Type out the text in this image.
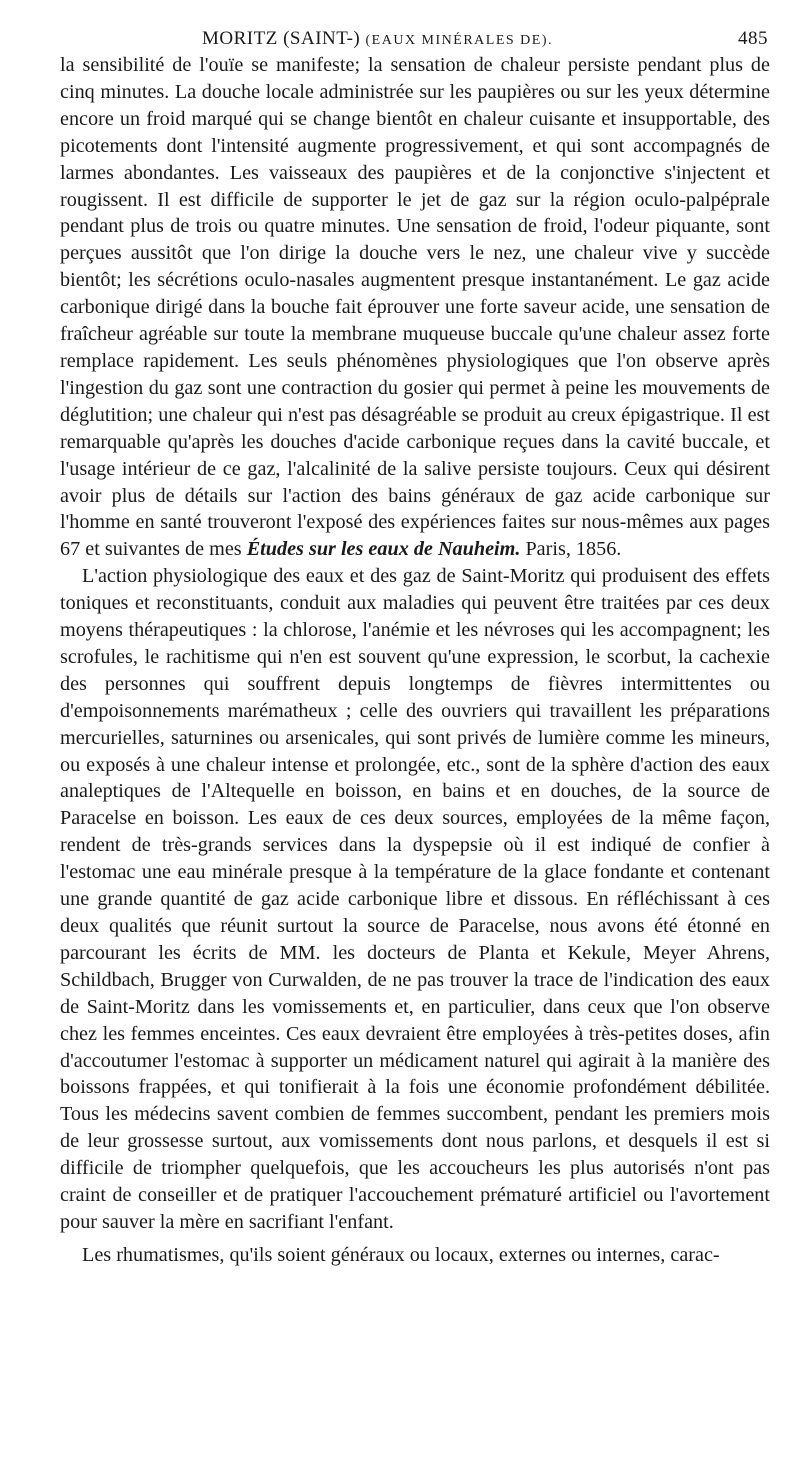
MORITZ (SAINT-) (EAUX MINÉRALES DE).	485

la sensibilité de l'ouïe se manifeste; la sensation de chaleur persiste pendant plus de cinq minutes. La douche locale administrée sur les paupières ou sur les yeux détermine encore un froid marqué qui se change bientôt en chaleur cuisante et insupportable, des picotements dont l'intensité augmente progressivement, et qui sont accompagnés de larmes abondantes. Les vaisseaux des paupières et de la conjonctive s'injectent et rougissent. Il est difficile de supporter le jet de gaz sur la région oculo-palpéprale pendant plus de trois ou quatre minutes. Une sensation de froid, l'odeur piquante, sont perçues aussitôt que l'on dirige la douche vers le nez, une chaleur vive y succède bientôt; les sécrétions oculo-nasales augmentent presque instantanément. Le gaz acide carbonique dirigé dans la bouche fait éprouver une forte saveur acide, une sensation de fraîcheur agréable sur toute la membrane muqueuse buccale qu'une chaleur assez forte remplace rapidement. Les seuls phénomènes physiologiques que l'on observe après l'ingestion du gaz sont une contraction du gosier qui permet à peine les mouvements de déglutition; une chaleur qui n'est pas désagréable se produit au creux épigastrique. Il est remarquable qu'après les douches d'acide carbonique reçues dans la cavité buccale, et l'usage intérieur de ce gaz, l'alcalinité de la salive persiste toujours. Ceux qui désirent avoir plus de détails sur l'action des bains généraux de gaz acide carbonique sur l'homme en santé trouveront l'exposé des expériences faites sur nous-mêmes aux pages 67 et suivantes de mes Études sur les eaux de Nauheim. Paris, 1856.

L'action physiologique des eaux et des gaz de Saint-Moritz qui produisent des effets toniques et reconstituants, conduit aux maladies qui peuvent être traitées par ces deux moyens thérapeutiques : la chlorose, l'anémie et les névroses qui les accompagnent; les scrofules, le rachitisme qui n'en est souvent qu'une expression, le scorbut, la cachexie des personnes qui souffrent depuis longtemps de fièvres intermittentes ou d'empoisonnements marématheux ; celle des ouvriers qui travaillent les préparations mercurielles, saturnines ou arsenicales, qui sont privés de lumière comme les mineurs, ou exposés à une chaleur intense et prolongée, etc., sont de la sphère d'action des eaux analeptiques de l'Altequelle en boisson, en bains et en douches, de la source de Paracelse en boisson. Les eaux de ces deux sources, employées de la même façon, rendent de très-grands services dans la dyspepsie où il est indiqué de confier à l'estomac une eau minérale presque à la température de la glace fondante et contenant une grande quantité de gaz acide carbonique libre et dissous. En réfléchissant à ces deux qualités que réunit surtout la source de Paracelse, nous avons été étonné en parcourant les écrits de MM. les docteurs de Planta et Kekule, Meyer Ahrens, Schildbach, Brugger von Curwalden, de ne pas trouver la trace de l'indication des eaux de Saint-Moritz dans les vomissements et, en particulier, dans ceux que l'on observe chez les femmes enceintes. Ces eaux devraient être employées à très-petites doses, afin d'accoutumer l'estomac à supporter un médicament naturel qui agirait à la manière des boissons frappées, et qui tonifierait à la fois une économie profondément débilitée. Tous les médecins savent combien de femmes succombent, pendant les premiers mois de leur grossesse surtout, aux vomissements dont nous parlons, et desquels il est si difficile de triompher quelquefois, que les accoucheurs les plus autorisés n'ont pas craint de conseiller et de pratiquer l'accouchement prématuré artificiel ou l'avortement pour sauver la mère en sacrifiant l'enfant.

Les rhumatismes, qu'ils soient généraux ou locaux, externes ou internes, carac-
